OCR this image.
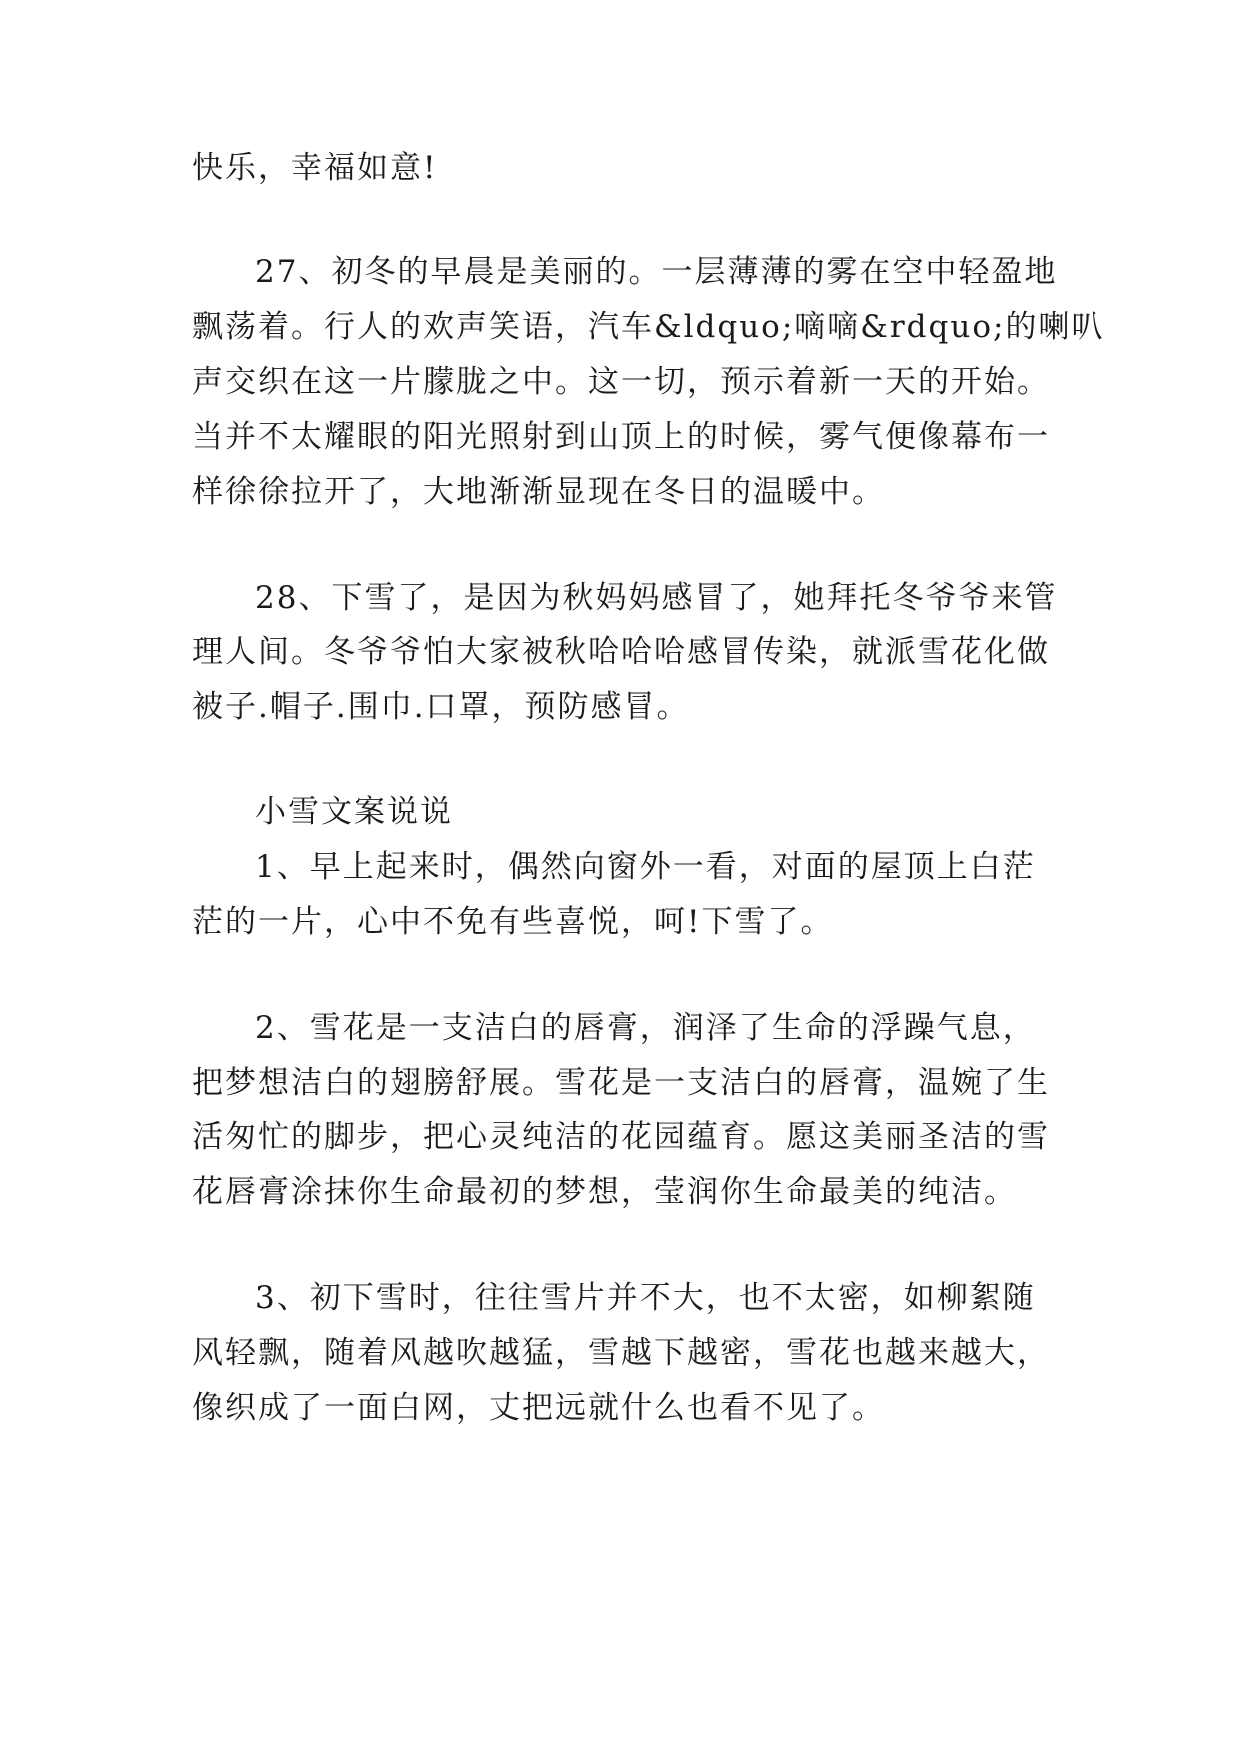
快乐，幸福如意!

27、初冬的早晨是美丽的。一层薄薄的雾在空中轻盈地

飘荡着。行人的欢声笑语，汽车&ldquo;嘀嘀&rdquo;的喇叭

声交织在这一片朦胧之中。这一切，预示着新一天的开始。

当并不太耀眼的阳光照射到山顶上的时候，雾气便像幕布一

样徐徐拉开了，大地渐渐显现在冬日的温暖中。

28、下雪了，是因为秋妈妈感冒了，她拜托冬爷爷来管

理人间。冬爷爷怕大家被秋哈哈哈感冒传染，就派雪花化做

被子.帽子.围巾.口罩，预防感冒。

小雪文案说说

1、早上起来时，偶然向窗外一看，对面的屋顶上白茫

茫的一片，心中不免有些喜悦，呵!下雪了。

2、雪花是一支洁白的唇膏，润泽了生命的浮躁气息，

把梦想洁白的翅膀舒展。雪花是一支洁白的唇膏，温婉了生

活匆忙的脚步，把心灵纯洁的花园蕴育。愿这美丽圣洁的雪

花唇膏涂抹你生命最初的梦想，莹润你生命最美的纯洁。

3、初下雪时，往往雪片并不大，也不太密，如柳絮随

风轻飘，随着风越吹越猛，雪越下越密，雪花也越来越大，

像织成了一面白网，丈把远就什么也看不见了。
